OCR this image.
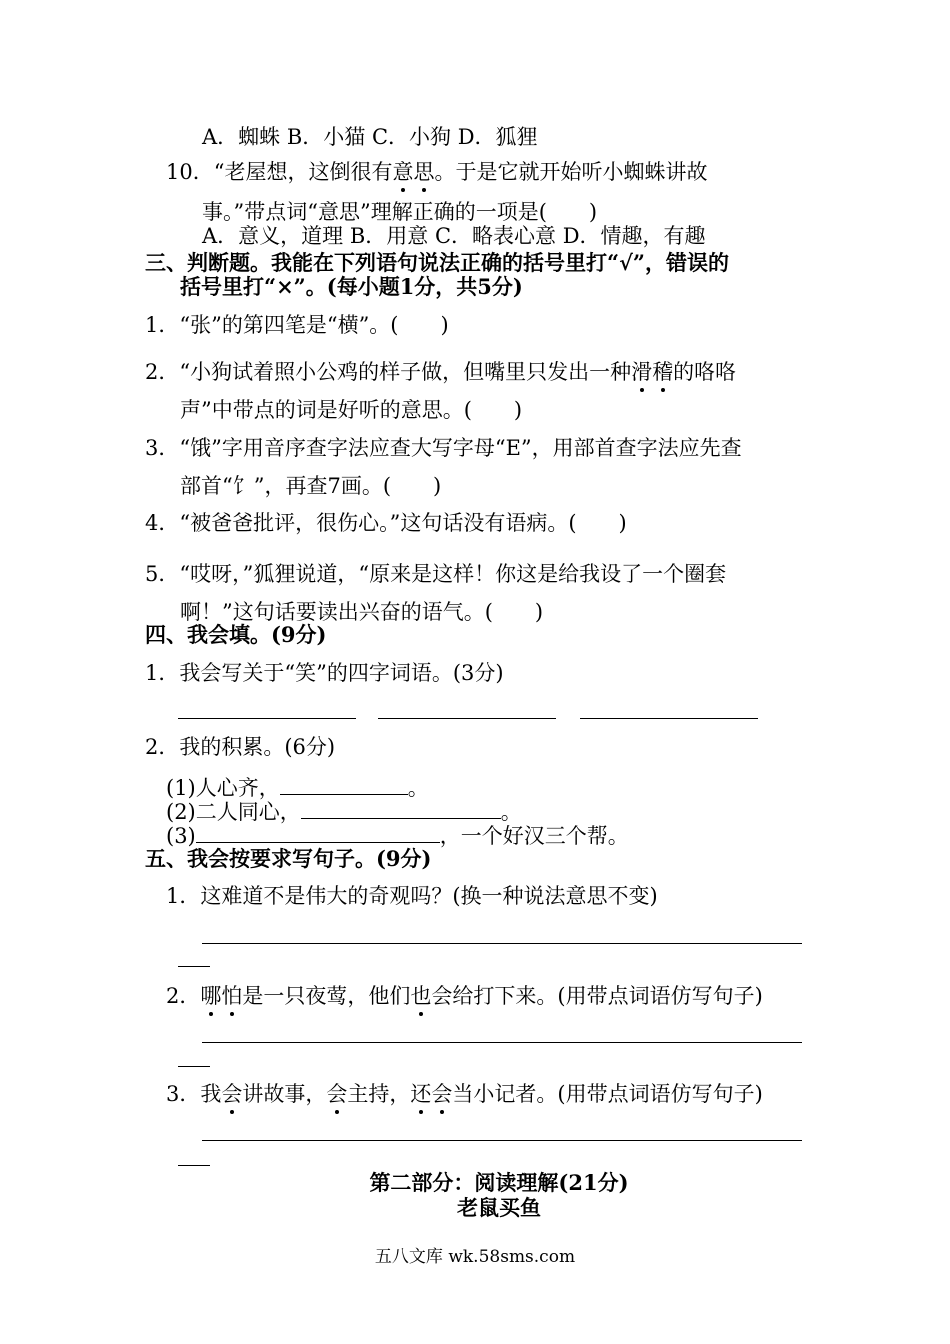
A．蜘蛛 B．小猫 C．小狗 D．狐狸
10．“老屋想，这倒很有意思。于是它就开始听小蜘蛛讲故
事。”带点词“意思”理解正确的一项是(　　)
A．意义，道理 B．用意 C．略表心意 D．情趣，有趣
三、判断题。我能在下列语句说法正确的括号里打“√”，错误的
括号里打“×”。(每小题1分，共5分)
1．“张”的第四笔是“横”。(　　)
2．“小狗试着照小公鸡的样子做，但嘴里只发出一种滑稽的咯咯
声”中带点的词是好听的意思。(　　)
3．“饿”字用音序查字法应查大写字母“E”，用部首查字法应先查
部首“饣”，再查7画。(　　)
4．“被爸爸批评，很伤心。”这句话没有语病。(　　)
5．“哎呀，”狐狸说道，“原来是这样！你这是给我设了一个圈套
啊！”这句话要读出兴奋的语气。(　　)
四、我会填。(9分)
1．我会写关于“笑”的四字词语。(3分)
2．我的积累。(6分)
(1)人心齐，	。
(2)二人同心，	。
(3)	，一个好汉三个帮。
五、我会按要求写句子。(9分)
1．这难道不是伟大的奇观吗？(换一种说法意思不变)
2．哪怕是一只夜莺，他们也会给打下来。(用带点词语仿写句子)
3．我会讲故事，会主持，还会当小记者。(用带点词语仿写句子)
第二部分：阅读理解(21分)
老鼠买鱼
五八文库 wk.58sms.com
